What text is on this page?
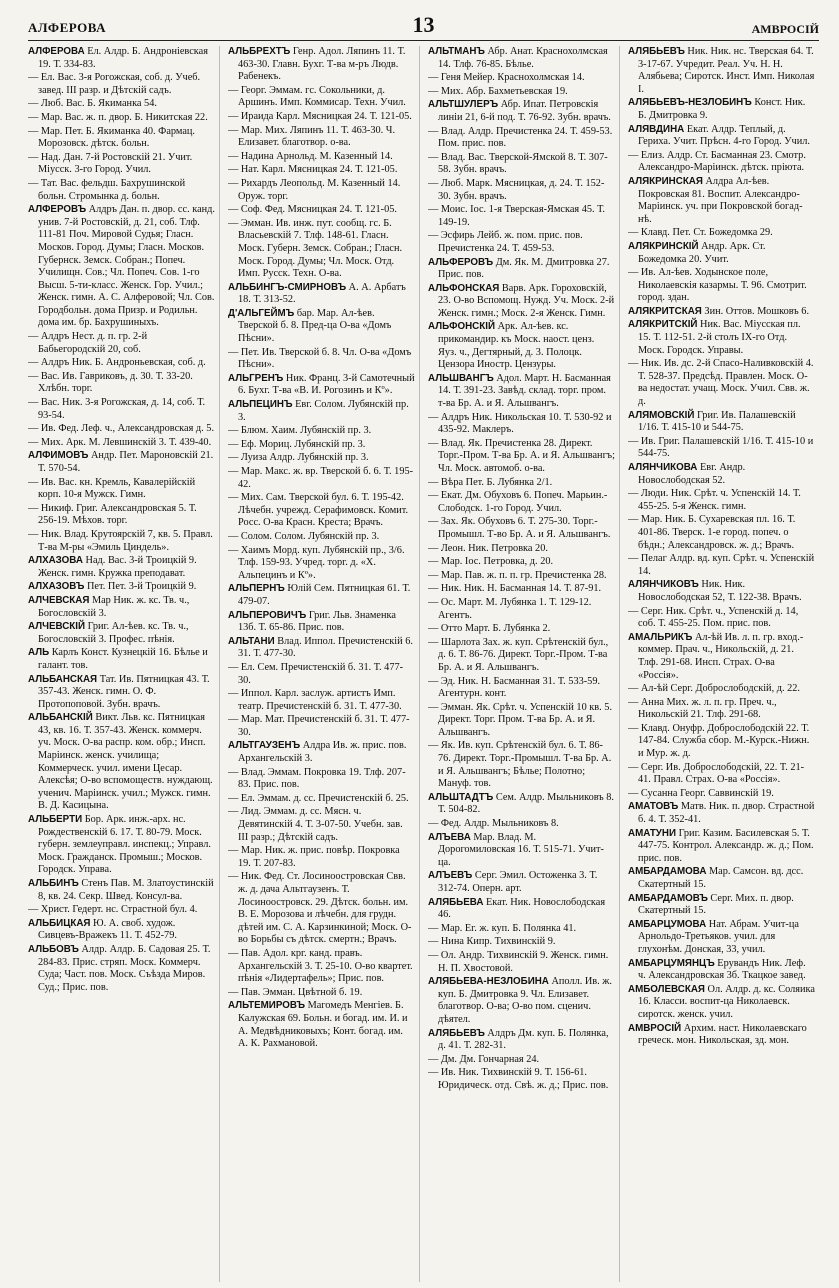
АЛФЕРОВА	13	АМВРОСIЙ
АЛФЕРОВА Ел. Алдр. Б. Андроніевская 19. Т. 334-83.
— Ел. Вас. 3-я Рогожская, соб. д. Учеб. завед. III разр. и Дѣтскій садъ.
— Люб. Вас. Б. Якиманка 54.
— Мар. Вас. ж. п. двор. Б. Никитская 22.
— Мар. Пет. Б. Якиманка 40. Фармац. Морозовск. дѣтск. больн.
— Над. Дан. 7-й Ростовскій 21. Учит. Міусск. 3-го Город. Учил.
— Тат. Вас. фельдш. Бахрушинской больн. Стромынка д. больн.
АЛФЕРОВЪ Алдръ Дан. п. двор. сс. канд. унив. 7-й Ростовскій, д. 21, соб. Тлф. 111-81 Поч. Мировой Судья; Гласн. Москов. Город. Думы; Гласн. Москов. Губернск. Земск. Собран.; Попеч. Училищн. Сов.; Чл. Попеч. Сов. 1-го Высш. 5-ти-класс. Женск. Гор. Учил.; Женск. гимн. А. С. Алферовой; Чл. Сов. Городбольн. дома Призр. и Родильн. дома им. бр. Бахрушиныхъ.
— Алдръ Нест. д. п. гр. 2-й Бабьегородскій 20, соб.
— Алдръ Ник. Б. Андроньевская, соб. д.
— Вас. Ив. Гавриковъ, д. 30. Т. 33-20. Хлѣбн. торг.
— Вас. Ник. 3-я Рогожская, д. 14, соб. Т. 93-54.
— Ив. Фед. Леф. ч., Александровская д. 5.
— Мих. Арк. М. Левшинскій 3. Т. 439-40.
АЛФИМОВЪ Андр. Пет. Мароновскій 21. Т. 570-54.
— Ив. Вас. кн. Кремль, Кавалерійскій корп. 10-я Мужск. Гимн.
— Никиф. Григ. Александровская 5. Т. 256-19. Мѣхов. торг.
— Ник. Влад. Крутоярскій 7, кв. 5. Правл. Т-ва М-ры «Эмиль Циндель».
АЛХАЗОВА Над. Вас. 3-й Троицкій 9. Женск. гимн. Кружка преподават.
АЛХАЗОВЪ Пет. Пет. 3-й Троицкій 9.
АЛЧЕВСКАЯ Мар Ник. ж. кс. Тв. ч., Богословскій 3.
АЛЧЕВСКІЙ Григ. Ал-ѣев. кс. Тв. ч., Богословскій 3. Профес. пѣнія.
АЛЬ Карлъ Конст. Кузнецкій 16. Бѣлье и галант. тов.
АЛЬБАНСКАЯ Тат. Ив. Пятницкая 43. Т. 357-43. Женск. гимн. О. Ф. Протопоповой. Зубн. врачъ.
АЛЬБАНСКІЙ Викт. Льв. кс. Пятницкая 43, кв. 16. Т. 357-43. Женск. коммерч. уч. Моск. О-ва распр. ком. обр.; Инсп. Маріинск. женск. училища; Коммерческ. учил. имени Цесар. Алексѣя; О-во вспомоществ. нуждающ. ученич. Маріинск. учил.; Мужск. гимн. В. Д. Касицына.
АЛЬБЕРТИ Бор. Арк. инж.-арх. нс. Рождественскій 6. 17. Т. 80-79. Моск. губерн. землеуправл. инспекц.; Управл. Моск. Гражданск. Промыш.; Москов. Городск. Управа.
АЛЬБИНЪ Стенъ Пав. М. Златоустинскій 8, кв. 24. Секр. Швед. Консул-ва.
— Христ. Гедерт. нс. Страстной бул. 4.
АЛЬБИЦКАЯ Ю. А. своб. худож. Сивцевъ-Вражекъ 11. Т. 452-79.
АЛЬБОВЪ Алдр. Алдр. Б. Садовая 25. Т. 284-83. Прис. стряп. Моск. Коммерч. Суда; Част. пов. Моск. Съѣзда Миров. Суд.; Прис. пов.
АЛЬБРЕХТЪ Генр. Адол. Ляпинъ 11. Т. 463-30. Главн. Бухг. Т-ва м-ръ Людв. Рабенекъ.
— Георг. Эммам. гс. Сокольники, д. Аршинъ. Имп. Коммисар. Техн. Учил.
— Ираида Карл. Мясницкая 24. Т. 121-05.
— Мар. Мих. Ляпинъ 11. Т. 463-30. Ч. Елизавет. благотвор. о-ва.
— Надина Арнольд. М. Казенный 14.
— Нат. Карл. Мясницкая 24. Т. 121-05.
— Рихардъ Леопольд. М. Казенный 14. Оруж. торг.
— Соф. Фед. Мясницкая 24. Т. 121-05.
— Эмман. Ив. инж. пут. сообщ. гс. Б. Власьевскій 7. Тлф. 148-61. Гласн. Моск. Губерн. Земск. Собран.; Гласн. Моск. Город. Думы; Чл. Моск. Отд. Имп. Русск. Техн. О-ва.
АЛЬБИНГЪ-СМИРНОВЪ А. А. Арбатъ 18. Т. 313-52.
Д'АЛЬГЕЙМЪ бар. Мар. Ал-ѣев. Тверской б. 8. Пред-ца О-ва «Домъ Пѣсни».
— Пет. Ив. Тверской б. 8. Чл. О-ва «Домъ Пѣсни».
АЛЬГРЕНЪ Ник. Франц. 3-й Самотечный 6. Бухг. Т-ва «В. И. Рогозинъ и Кº».
АЛЬПЕЦИНЪ Евг. Солом. Лубянскій пр. 3.
— Блюм. Хаим. Лубянскій пр. 3.
— Еф. Мориц. Лубянскій пр. 3.
— Луиза Алдр. Лубянскій пр. 3.
— Мар. Макс. ж. вр. Тверской б. 6. Т. 195-42.
— Мих. Сам. Тверской бул. 6. Т. 195-42. Лѣчебн. учрежд. Серафимовск. Комит. Росс. О-ва Красн. Креста; Врачъ.
— Солом. Солом. Лубянскій пр. 3.
— Хаимъ Морд. куп. Лубянскій пр., 3/6. Тлф. 159-93. Учред. торг. д. «Х. Альпецинъ и Кº».
АЛЬПЕРНЪ Юлій Сем. Пятницкая 61. Т. 479-07.
АЛЬПЕРОВИЧЪ Григ. Льв. Знаменка 13б. Т. 65-86. Прис. пов.
АЛЬТАНИ Влад. Иппол. Пречистенскій 6. 31. Т. 477-30.
— Ел. Сем. Пречистенскій б. 31. Т. 477-30.
— Иппол. Карл. заслуж. артистъ Имп. театр. Пречистенскій б. 31. Т. 477-30.
— Мар. Мат. Пречистенскій б. 31. Т. 477-30.
АЛЬТГАУЗЕНЪ Алдра Ив. ж. прис. пов. Архангельскій 3.
— Влад. Эммам. Покровка 19. Тлф. 207-83. Прис. пов.
— Ел. Эммам. д. сс. Пречистенскій б. 25.
— Лид. Эммам. д. сс. Мясн. ч. Девятинскій 4. Т. 3-07-50. Учебн. зав. III разр.; Дѣтскій садъ.
— Мар. Ник. ж. прис. повѣр. Покровка 19. Т. 207-83.
— Ник. Фед. Ст. Лосиноостровская Свв. ж. д. дача Альтгаузенъ. Т. Лосиноостровск. 29. Дѣтск. больн. им. В. Е. Морозова и лѣчебн. для грудн. дѣтей им. С. А. Карзинкиной; Моск. О-во Борьбы съ дѣтск. смертн.; Врачъ.
— Пав. Адол. крг. канд. правъ. Архангельскій 3. Т. 25-10. О-во квартет. пѣнія «Лидертафель»; Прис. пов.
— Пав. Эмман. Цвѣтной б. 19.
АЛЬТЕМИРОВЪ Магомедъ Менгіев. Б. Калужская 69. Больн. и богад. им. И. и А. Медвѣдниковыхъ; Конт. богад. им. А. К. Рахмановой.
АЛЬТМАНЪ Абр. Анат. Краснохолмская 14. Тлф. 76-85. Бѣлье.
— Геня Мейер. Краснохолмская 14.
— Мих. Абр. Бахметьевская 19.
АЛЬТШУЛЕРЪ Абр. Ипат. Петровскія линіи 21, 6-й под. Т. 76-92. Зубн. врачъ.
— Влад. Алдр. Пречистенка 24. Т. 459-53. Пом. прис. пов.
— Влад. Вас. Тверской-Ямской 8. Т. 307-58. Зубн. врачъ.
— Люб. Марк. Мясницкая, д. 24. Т. 152-30. Зубн. врачъ.
— Моис. Іос. 1-я Тверская-Ямская 45. Т. 149-19.
— Эсфирь Лейб. ж. пом. прис. пов. Пречистенка 24. Т. 459-53.
АЛЬФЕРОВЪ Дм. Як. М. Дмитровка 27. Прис. пов.
АЛЬФОНСКАЯ Варв. Арк. Гороховскій, 23. О-во Вспомощ. Нужд. Уч. Моск. 2-й Женск. гимн.; Моск. 2-я Женск. Гимн.
АЛЬФОНСКІЙ Арк. Ал-ѣев. кс. прикомандир. къ Моск. наост. ценз. Яуз. ч., Дегтярный, д. 3. Полоцк. Цензора Иностр. Цензуры.
АЛЬШВАНГЪ Адол. Март. Н. Басманная 14. Т. 391-23. Завѣд. склад. торг. пром. т-ва Бр. А. и Я. Альшвангъ.
— Алдръ Ник. Никольская 10. Т. 530-92 и 435-92. Маклеръ.
— Влад. Як. Пречистенка 28. Директ. Торг.-Пром. Т-ва Бр. А. и Я. Альшвангъ; Чл. Моск. автомоб. о-ва.
— Вѣра Пет. Б. Лубянка 2/1.
— Екат. Дм. Обуховъ 6. Попеч. Марьин.-Слободск. 1-го Город. Учил.
— Зах. Як. Обуховъ 6. Т. 275-30. Торг.-Промышл. Т-во Бр. А. и Я. Альшвангъ.
— Леон. Ник. Петровка 20.
— Мар. Іос. Петровка, д. 20.
— Мар. Пав. ж. п. п. гр. Пречистенка 28.
— Ник. Ник. Н. Басманная 14. Т. 87-91.
— Ос. Март. М. Лубянка 1. Т. 129-12. Агентъ.
— Отто Март. Б. Лубянка 2.
— Шарлота Зах. ж. куп. Срѣтенскій бул., д. 6. Т. 86-76. Директ. Торг.-Пром. Т-ва Бр. А. и Я. Альшвангъ.
— Эд. Ник. Н. Басманная 31. Т. 533-59. Агентурн. конт.
— Эмман. Як. Срѣт. ч. Успенскій 10 кв. 5. Директ. Торг. Пром. Т-ва Бр. А. и Я. Альшвангъ.
— Як. Ив. куп. Срѣтенскій бул. 6. Т. 86-76. Директ. Торг.-Промышл. Т-ва Бр. А. и Я. Альшвангъ; Бѣлье; Полотно; Мануф. тов.
АЛЬШТАДТЪ Сем. Алдр. Мыльниковъ 8. Т. 504-82.
— Фед. Алдр. Мыльниковъ 8.
АЛЪЕВА Мар. Влад. М. Дорогомиловская 16. Т. 515-71. Учит-ца.
АЛЪЕВЪ Серг. Эмил. Остоженка 3. Т. 312-74. Оперн. арт.
АЛЯБЬЕВА Екат. Ник. Новослободская 46.
— Мар. Ег. ж. куп. Б. Полянка 41.
— Нина Кипр. Тихвинскій 9.
— Ол. Андр. Тихвинскій 9. Женск. гимн. Н. П. Хвостовой.
АЛЯБЬЕВА-НЕЗЛОБИНА Аполл. Ив. ж. куп. Б. Дмитровка 9. Чл. Елизавет. благотвор. О-ва; О-во пом. сценич. дѣятел.
АЛЯБЬЕВЪ Алдръ Дм. куп. Б. Полянка, д. 41. Т. 282-31.
— Дм. Дм. Гончарная 24.
— Ив. Ник. Тихвинскій 9. Т. 156-61. Юридическ. отд. Свѣ. ж. д.; Прис. пов.
АЛЯБЬЕВЪ Ник. Ник. нс. Тверская 64. Т. 3-17-67. Учредит. Реал. Уч. Н. Н. Алябьева; Сиротск. Инст. Имп. Николая I.
АЛЯБЬЕВЪ-НЕЗЛОБИНЪ Конст. Ник. Б. Дмитровка 9.
АЛЯВДИНА Екат. Алдр. Теплый, д. Гериха. Учит. Прѣсн. 4-го Город. Учил.
— Елиз. Алдр. Ст. Басманная 23. Смотр. Александро-Маріинск. дѣтск. пріюта.
АЛЯКРИНСКАЯ Алдра Ал-ѣев. Покровская 81. Воспит. Александро-Маріинск. уч. при Покровской богад-нѣ.
— Клавд. Пет. Ст. Божедомка 29.
АЛЯКРИНСКІЙ Андр. Арк. Ст. Божедомка 20. Учит.
— Ив. Ал-ѣев. Ходынское поле, Николаевскія казармы. Т. 96. Смотрит. город. здан.
АЛЯКРИТСКАЯ Зин. Оттов. Мошковъ 6.
АЛЯКРИТСКІЙ Ник. Вас. Міусская пл. 15. Т. 112-51. 2-й столъ IX-го Отд. Моск. Городск. Управы.
— Ник. Ив. дс. 2-й Спасо-Наливковскій 4. Т. 528-37. Предсѣд. Правлен. Моск. О-ва недостат. учащ. Моск. Учил. Свв. ж. д.
АЛЯМОВСКІЙ Григ. Ив. Палашевскій 1/16. Т. 415-10 и 544-75.
— Ив. Григ. Палашевскій 1/16. Т. 415-10 и 544-75.
АЛЯНЧИКОВА Евг. Андр. Новослободская 52.
— Люди. Ник. Срѣт. ч. Успенскій 14. Т. 455-25. 5-я Женск. гимн.
— Мар. Ник. Б. Сухаревская пл. 16. Т. 401-86. Тверск. 1-е город. попеч. о бѣдн.; Александровск. ж. д.; Врачъ.
— Пелаг Алдр. вд. куп. Срѣт. ч. Успенскій 14.
АЛЯНЧИКОВЪ Ник. Ник. Новослободская 52, Т. 122-38. Врачъ.
— Серг. Ник. Срѣт. ч., Успенскій д. 14, соб. Т. 455-25. Пом. прис. пов.
АМАЛЬРИКЪ Ал-ѣй Ив. л. п. гр. вход.-коммер. Прач. ч., Никольскій, д. 21. Тлф. 291-68. Инсп. Страх. О-ва «Россія».
— Ал-ѣй Серг. Доброслободскій, д. 22.
— Анна Мих. ж. л. п. гр. Преч. ч., Никольскій 21. Тлф. 291-68.
— Клавд. Онуфр. Доброслободскій 22. Т. 147-84. Служба сбор. М.-Курск.-Нижн. и Мур. ж. д.
— Серг. Ив. Доброслободскій, 22. Т. 21-41. Правл. Страх. О-ва «Россія».
— Сусанна Георг. Саввинскій 19.
АМАТОВЪ Матв. Ник. п. двор. Страстной б. 4. Т. 352-41.
АМАТУНИ Григ. Казим. Басилевская 5. Т. 447-75. Контрол. Александр. ж. д.; Пом. прис. пов.
АМБАРДАМОВА Мар. Самсон. вд. дсс. Скатертный 15.
АМБАРДАМОВЪ Серг. Мих. п. двор. Скатертный 15.
АМБАРЦУМОВА Нат. Абрам. Учит-ца Арнольдо-Третьяков. учил. для глухонѣм. Донская, 33, учил.
АМБАРЦУМЯНЦЪ Ерувандъ Ник. Леф. ч. Александровская 3б. Ткацкое завед.
АМБОЛЕВСКАЯ Ол. Алдр. д. кс. Соляика 16. Класси. воспит-ца Николаевск. сиротск. женск. учил.
АМВРОСІЙ Архим. наст. Николаевскаго греческ. мон. Никольская, зд. мон.
